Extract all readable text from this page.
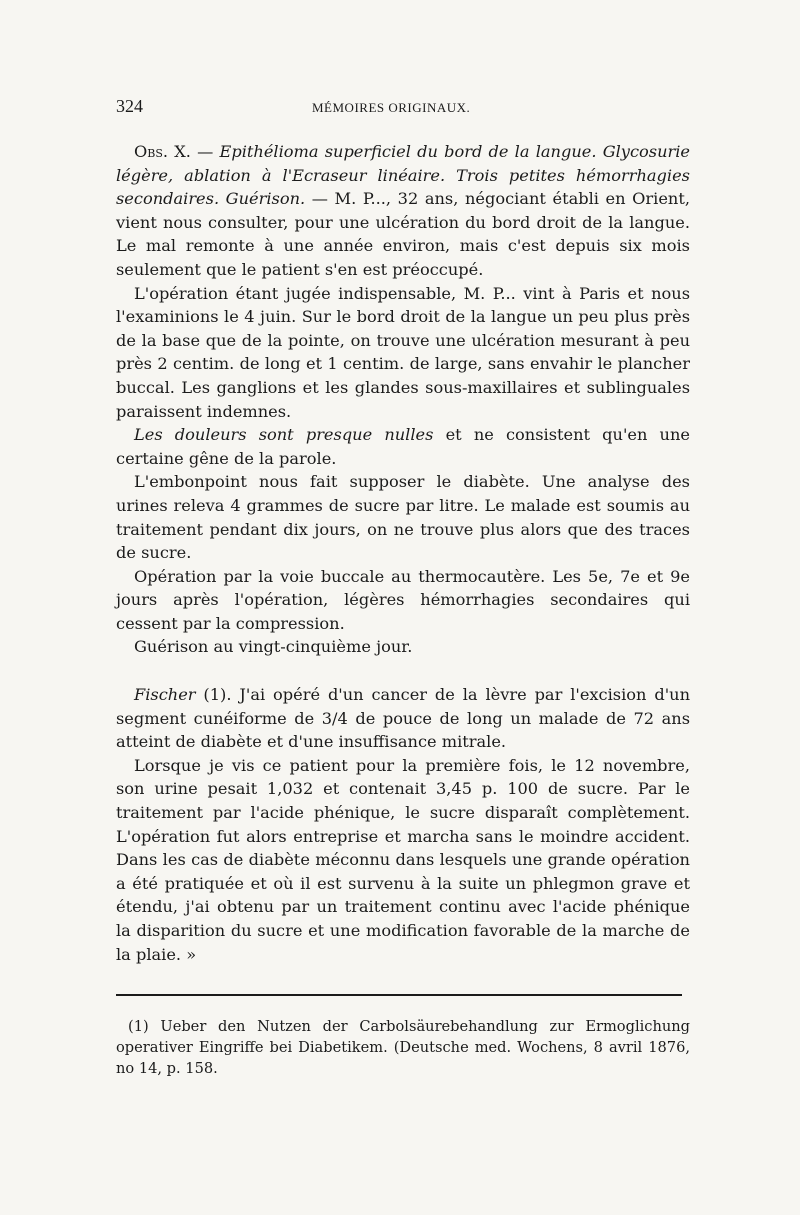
324	MÉMOIRES ORIGINAUX.

Obs. X. — Epithélioma superficiel du bord de la langue. Glycosurie légère, ablation à l'Ecraseur linéaire. Trois petites hémorrhagies secondaires. Guérison. — M. P..., 32 ans, négociant établi en Orient, vient nous consulter, pour une ulcération du bord droit de la langue. Le mal remonte à une année environ, mais c'est depuis six mois seulement que le patient s'en est préoccupé.

L'opération étant jugée indispensable, M. P... vint à Paris et nous l'examinions le 4 juin. Sur le bord droit de la langue un peu plus près de la base que de la pointe, on trouve une ulcération mesurant à peu près 2 centim. de long et 1 centim. de large, sans envahir le plancher buccal. Les ganglions et les glandes sous-maxillaires et sublinguales paraissent indemnes.

Les douleurs sont presque nulles et ne consistent qu'en une certaine gêne de la parole.

L'embonpoint nous fait supposer le diabète. Une analyse des urines releva 4 grammes de sucre par litre. Le malade est soumis au traitement pendant dix jours, on ne trouve plus alors que des traces de sucre.

Opération par la voie buccale au thermocautère. Les 5e, 7e et 9e jours après l'opération, légères hémorrhagies secondaires qui cessent par la compression.

Guérison au vingt-cinquième jour.

Fischer (1). J'ai opéré d'un cancer de la lèvre par l'excision d'un segment cunéiforme de 3/4 de pouce de long un malade de 72 ans atteint de diabète et d'une insuffisance mitrale.

Lorsque je vis ce patient pour la première fois, le 12 novembre, son urine pesait 1,032 et contenait 3,45 p. 100 de sucre. Par le traitement par l'acide phénique, le sucre disparaît complètement. L'opération fut alors entreprise et marcha sans le moindre accident. Dans les cas de diabète méconnu dans lesquels une grande opération a été pratiquée et où il est survenu à la suite un phlegmon grave et étendu, j'ai obtenu par un traitement continu avec l'acide phénique la disparition du sucre et une modification favorable de la marche de la plaie. »

(1) Ueber den Nutzen der Carbolsäurebehandlung zur Ermoglichung operativer Eingriffe bei Diabetikem. (Deutsche med. Wochens, 8 avril 1876, no 14, p. 158.
